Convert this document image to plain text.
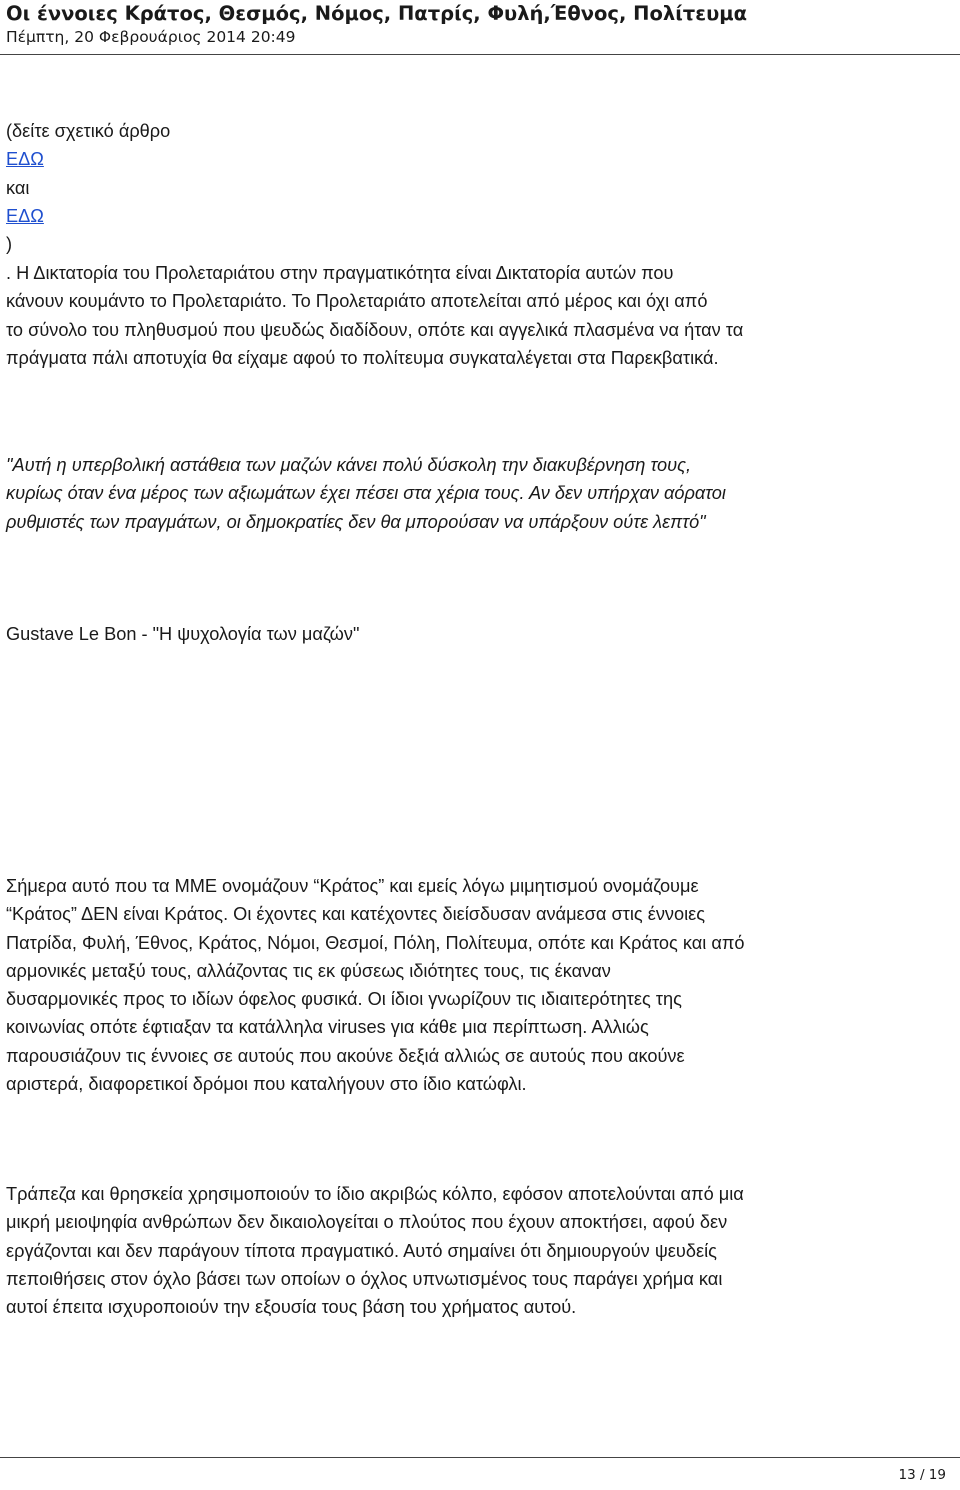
Οι έννοιες Κράτος, Θεσμός, Νόμος, Πατρίς, Φυλή,Έθνος, Πολίτευμα
Πέμπτη, 20 Φεβρουάριος 2014 20:49
(δείτε σχετικό άρθρο
ΕΔΩ
και
ΕΔΩ
)
. Η Δικτατορία του Προλεταριάτου στην πραγματικότητα είναι Δικτατορία αυτών που
κάνουν κουμάντο το Προλεταριάτο. Το Προλεταριάτο αποτελείται από μέρος και όχι από
το σύνολο του πληθυσμού που ψευδώς διαδίδουν, οπότε και αγγελικά πλασμένα να ήταν τα
πράγματα πάλι αποτυχία θα είχαμε αφού το πολίτευμα συγκαταλέγεται στα Παρεκβατικά.
"Αυτή η υπερβολική αστάθεια των μαζών κάνει πολύ δύσκολη την διακυβέρνηση τους,
κυρίως όταν ένα μέρος των αξιωμάτων έχει πέσει στα χέρια τους. Αν δεν υπήρχαν αόρατοι
ρυθμιστές των πραγμάτων, οι δημοκρατίες δεν θα μπορούσαν να υπάρξουν ούτε λεπτό"
Gustave Le Bon - "Η ψυχολογία των μαζών"
Σήμερα αυτό που τα ΜΜΕ ονομάζουν “Κράτος” και εμείς λόγω μιμητισμού ονομάζουμε
“Κράτος” ΔΕΝ είναι Κράτος. Οι έχοντες και κατέχοντες διείσδυσαν ανάμεσα στις έννοιες
Πατρίδα, Φυλή, Έθνος, Κράτος, Νόμοι, Θεσμοί, Πόλη, Πολίτευμα, οπότε και Κράτος και από
αρμονικές μεταξύ τους, αλλάζοντας τις εκ φύσεως ιδιότητες τους, τις έκαναν
δυσαρμονικές προς το ιδίων όφελος φυσικά. Οι ίδιοι γνωρίζουν τις ιδιαιτερότητες της
κοινωνίας οπότε έφτιαξαν τα κατάλληλα viruses για κάθε μια περίπτωση. Αλλιώς
παρουσιάζουν τις έννοιες σε αυτούς που ακούνε δεξιά αλλιώς σε αυτούς που ακούνε
αριστερά, διαφορετικοί δρόμοι που καταλήγουν στο ίδιο κατώφλι.
Τράπεζα και θρησκεία χρησιμοποιούν το ίδιο ακριβώς κόλπο, εφόσον αποτελούνται από μια
μικρή μειοψηφία ανθρώπων δεν δικαιολογείται ο πλούτος που έχουν αποκτήσει, αφού δεν
εργάζονται και δεν παράγουν τίποτα πραγματικό. Αυτό σημαίνει ότι δημιουργούν ψευδείς
πεποιθήσεις στον όχλο βάσει των οποίων ο όχλος υπνωτισμένος τους παράγει χρήμα και
αυτοί έπειτα ισχυροποιούν την εξουσία τους βάση του χρήματος αυτού.
13 / 19
